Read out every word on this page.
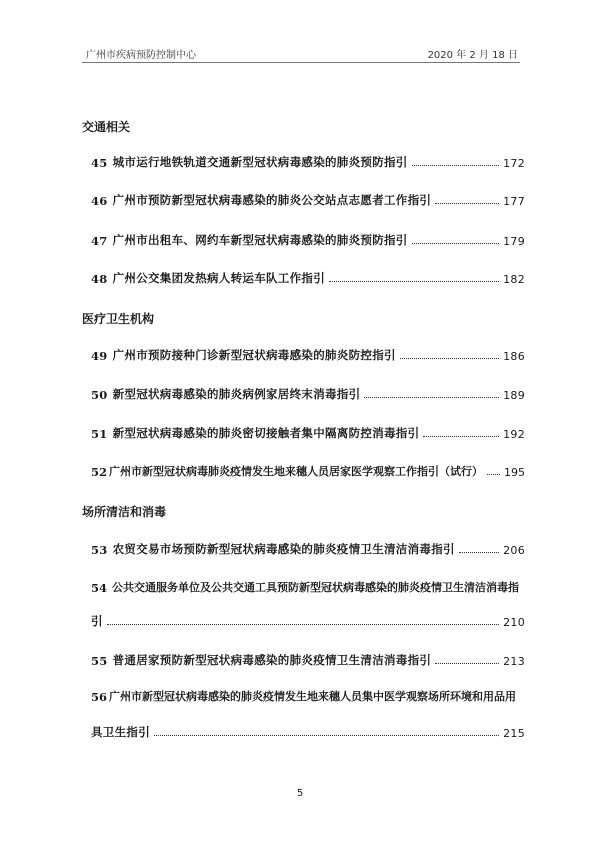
广州市疾病预防控制中心	2020 年 2 月 18 日
交通相关
45 城市运行地铁轨道交通新型冠状病毒感染的肺炎预防指引	172
46 广州市预防新型冠状病毒感染的肺炎公交站点志愿者工作指引	177
47 广州市出租车、网约车新型冠状病毒感染的肺炎预防指引	179
48 广州公交集团发热病人转运车队工作指引	182
医疗卫生机构
49 广州市预防接种门诊新型冠状病毒感染的肺炎防控指引	186
50 新型冠状病毒感染的肺炎病例家居终末消毒指引	189
51 新型冠状病毒感染的肺炎密切接触者集中隔离防控消毒指引	192
52 广州市新型冠状病毒肺炎疫情发生地来穗人员居家医学观察工作指引（试行） 195
场所清洁和消毒
53 农贸交易市场预防新型冠状病毒感染的肺炎疫情卫生清洁消毒指引	206
54 公共交通服务单位及公共交通工具预防新型冠状病毒感染的肺炎疫情卫生清洁消毒指
引	210
55 普通居家预防新型冠状病毒感染的肺炎疫情卫生清洁消毒指引	213
56 广州市新型冠状病毒感染的肺炎疫情发生地来穗人员集中医学观察场所环境和用品用
具卫生指引	215
5
